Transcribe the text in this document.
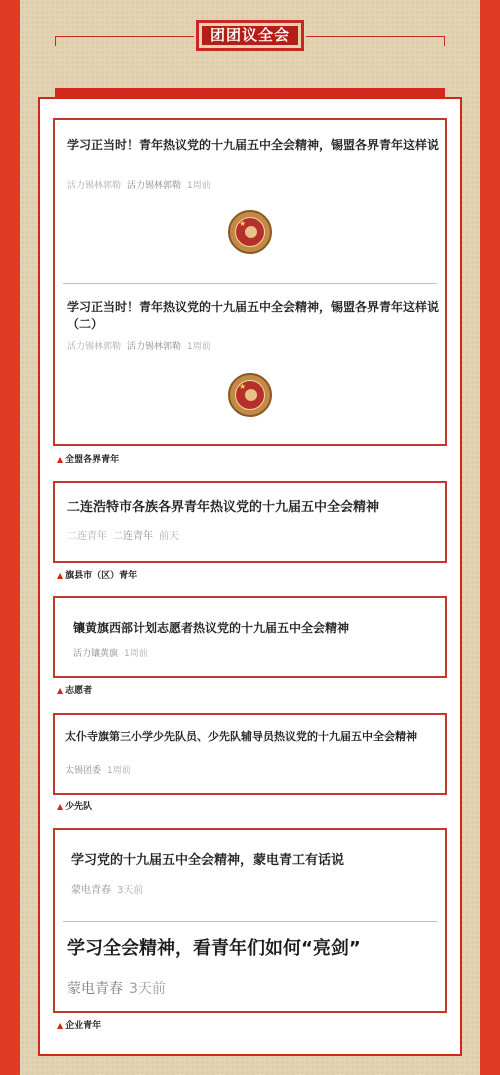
团团议全会
学习正当时！青年热议党的十九届五中全会精神，锡盟各界青年这样说
活力锡林郭勒 活力锡林郭勒 1周前
★
学习正当时！青年热议党的十九届五中全会精神，锡盟各界青年这样说（二）
活力锡林郭勒 活力锡林郭勒 1周前
★
▲ 全盟各界青年
二连浩特市各族各界青年热议党的十九届五中全会精神
二连青年 二连青年 前天
▲ 旗县市（区）青年
镶黄旗西部计划志愿者热议党的十九届五中全会精神
活力镶黄旗 1周前
▲ 志愿者
太仆寺旗第三小学少先队员、少先队辅导员热议党的十九届五中全会精神
太锡团委 1周前
▲ 少先队
学习党的十九届五中全会精神，蒙电青工有话说
蒙电青春 3天前
学习全会精神，看青年们如何“亮剑”
蒙电青春 3天前
▲ 企业青年
